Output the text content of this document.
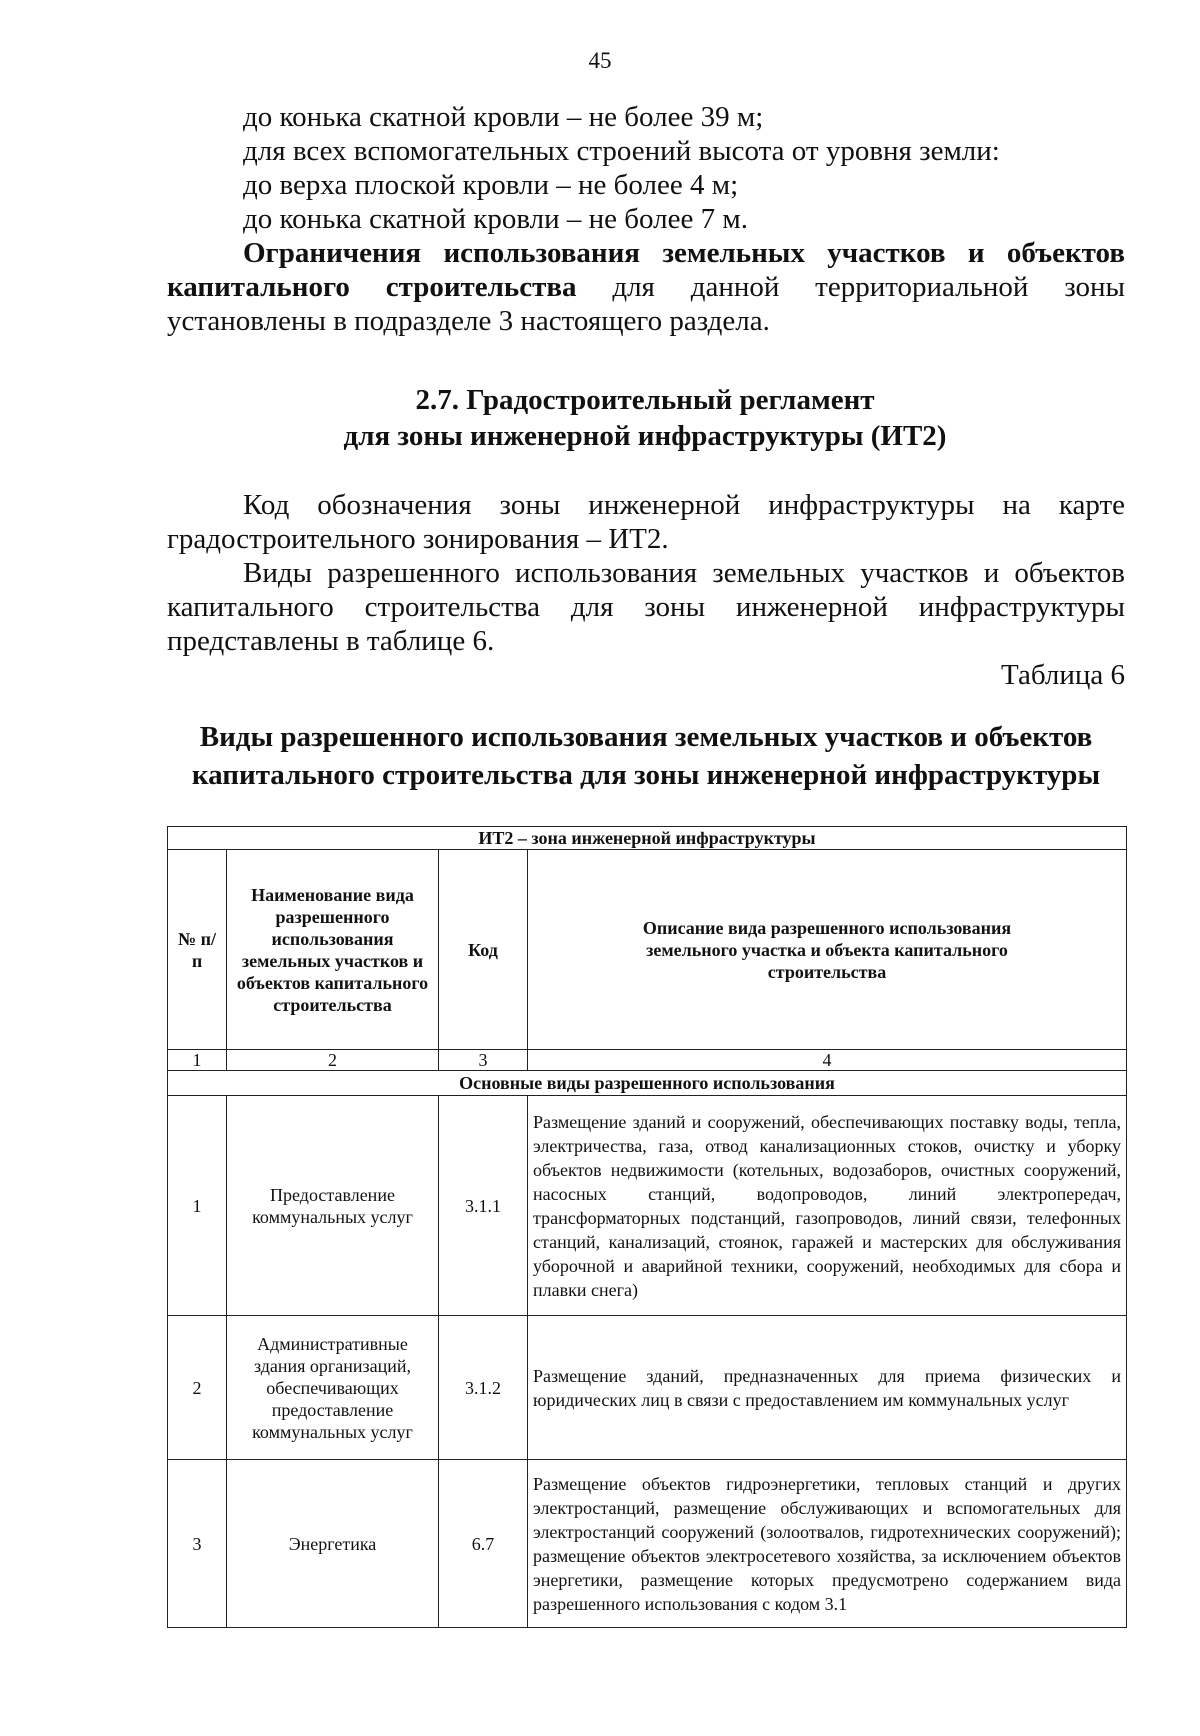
45

до конька скатной кровли – не более 39 м;

для всех вспомогательных строений высота от уровня земли:

до верха плоской кровли – не более 4 м;

до конька скатной кровли – не более 7 м.

Ограничения использования земельных участков и объектов капитального строительства для данной территориальной зоны установлены в подразделе 3 настоящего раздела.

2.7. Градостроительный регламент
для зоны инженерной инфраструктуры (ИТ2)

Код обозначения зоны инженерной инфраструктуры на карте градостроительного зонирования – ИТ2.

Виды разрешенного использования земельных участков и объектов капитального строительства для зоны инженерной инфраструктуры представлены в таблице 6.

Таблица 6
Виды разрешенного использования земельных участков и объектов капитального строительства для зоны инженерной инфраструктуры
ИТ2 – зона инженерной инфраструктуры			
№ п/п	Наименование вида разрешенного использования земельных участков и объектов капитального строительства	Код	Описание вида разрешенного использования земельного участка и объекта капитального строительства
1	2	3	4
Основные виды разрешенного использования			
1	Предоставление коммунальных услуг	3.1.1	Размещение зданий и сооружений, обеспечивающих поставку воды, тепла, электричества, газа, отвод канализационных стоков, очистку и уборку объектов недвижимости (котельных, водозаборов, очистных сооружений, насосных станций, водопроводов, линий электропередач, трансформаторных подстанций, газопроводов, линий связи, телефонных станций, канализаций, стоянок, гаражей и мастерских для обслуживания уборочной и аварийной техники, сооружений, необходимых для сбора и плавки снега)
2	Административные здания организаций, обеспечивающих предоставление коммунальных услуг	3.1.2	Размещение зданий, предназначенных для приема физических и юридических лиц в связи с предоставлением им коммунальных услуг
3	Энергетика	6.7	Размещение объектов гидроэнергетики, тепловых станций и других электростанций, размещение обслуживающих и вспомогательных для электростанций сооружений (золоотвалов, гидротехнических сооружений); размещение объектов электросетевого хозяйства, за исключением объектов энергетики, размещение которых предусмотрено содержанием вида разрешенного использования с кодом 3.1
